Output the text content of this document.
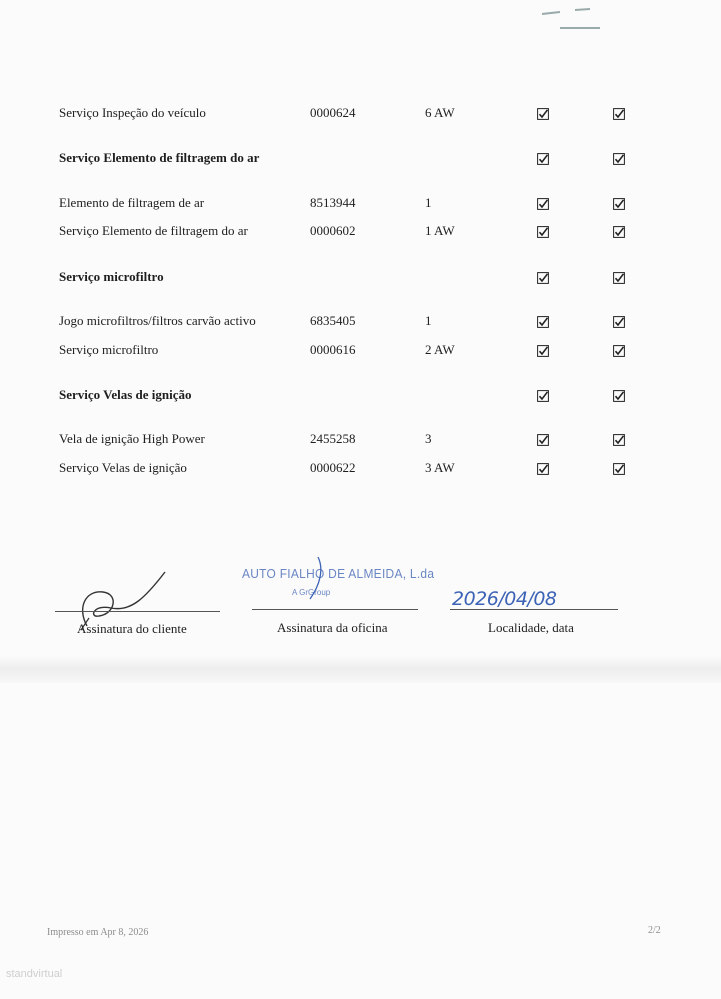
Serviço Inspeção do veículo	0000624	6 AW
Serviço Elemento de filtragem do ar
Elemento de filtragem de ar	8513944	1
Serviço Elemento de filtragem do ar	0000602	1 AW
Serviço microfiltro
Jogo microfiltros/filtros carvão activo	6835405	1
Serviço microfiltro	0000616	2 AW
Serviço Velas de ignição
Vela de ignição High Power	2455258	3
Serviço Velas de ignição	0000622	3 AW
Assinatura do cliente
AUTO FIALHO DE ALMEIDA, L.da
A GrGroup
Assinatura da oficina
2026/04/08
Localidade, data
Impresso em Apr 8, 2026	2/2
standvirtual
